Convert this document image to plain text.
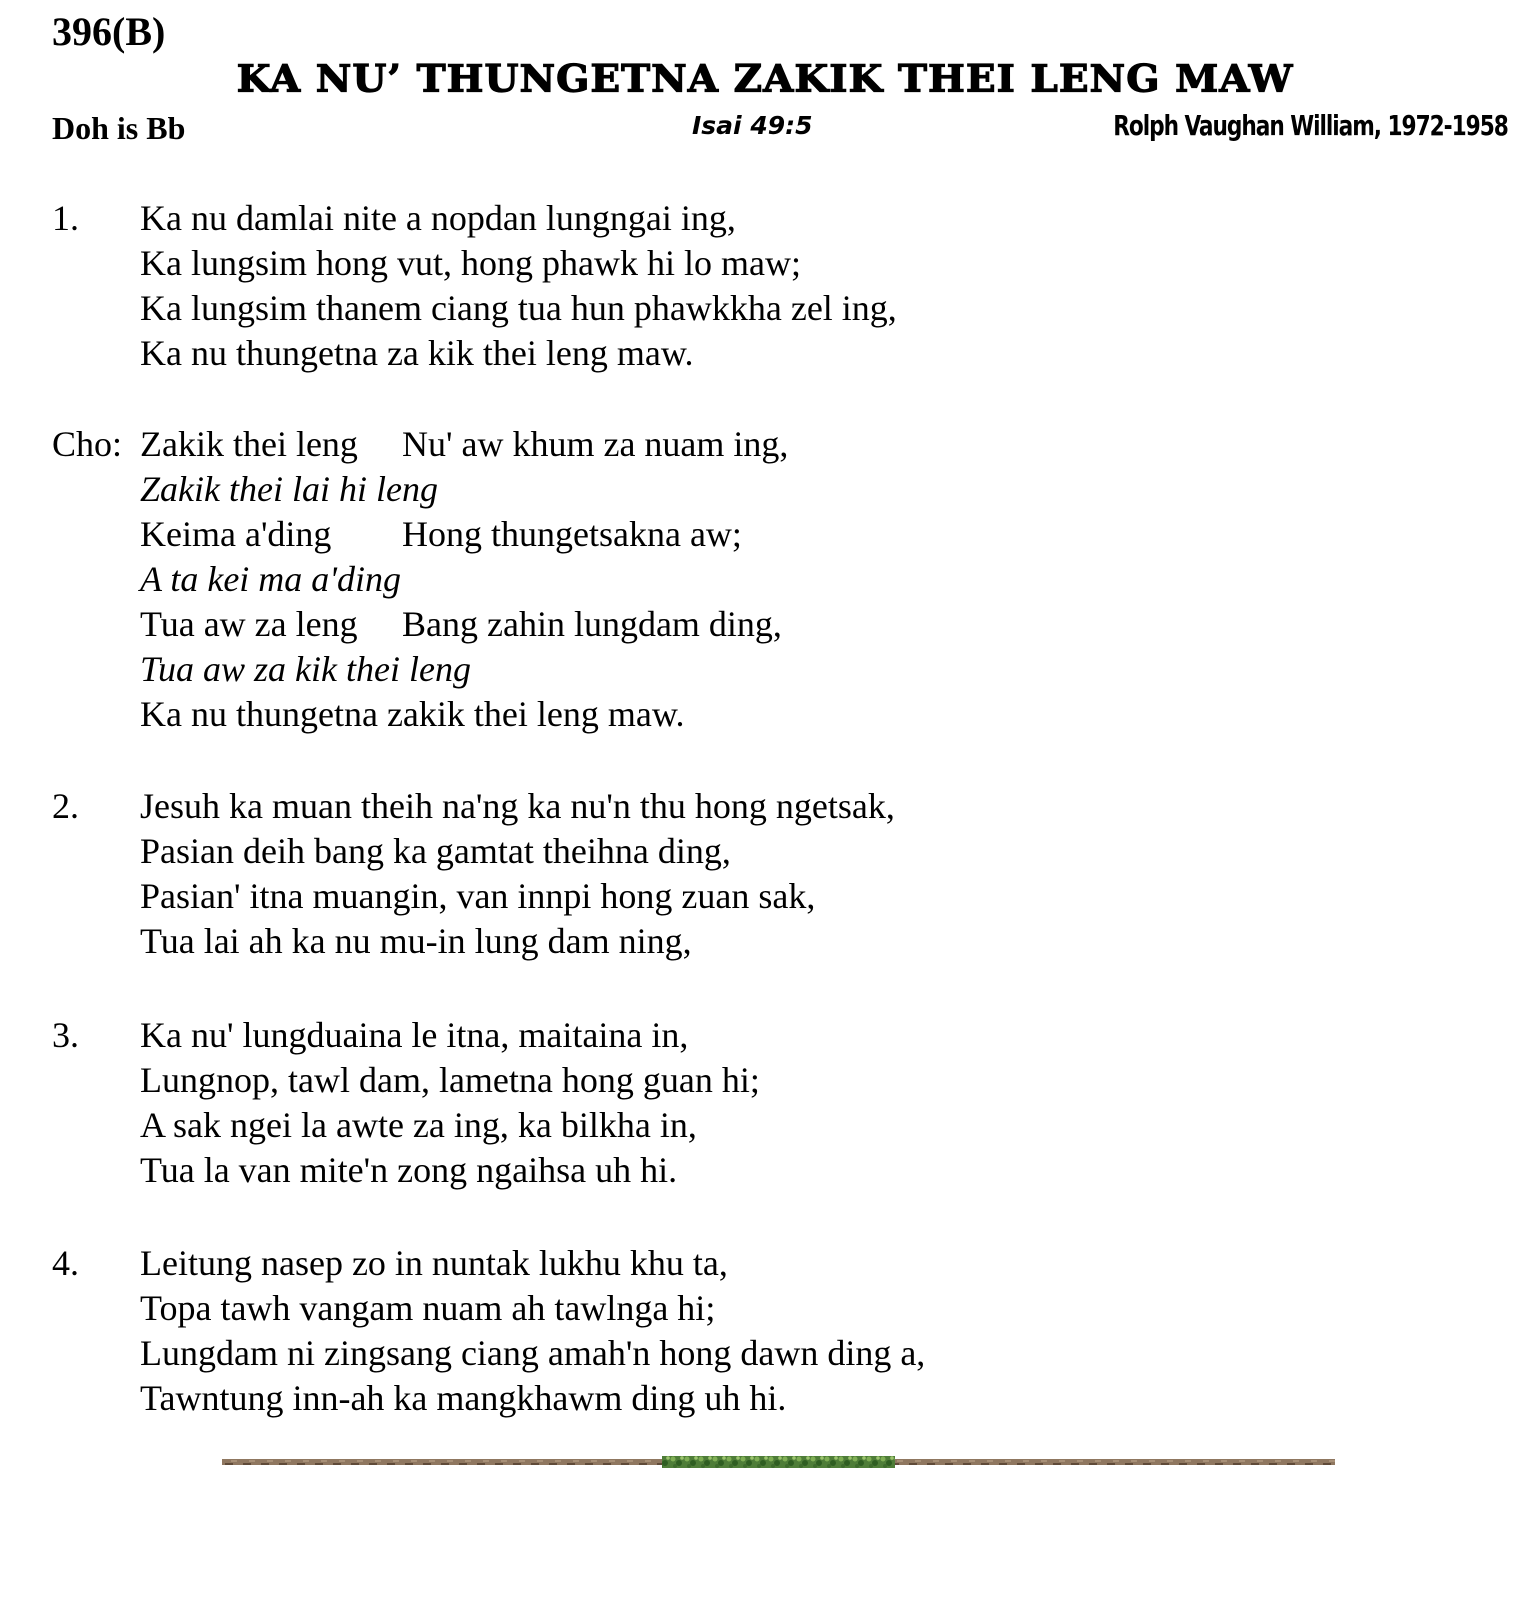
396(B)
KA NU’ THUNGETNA ZAKIK THEI LENG MAW
Doh is Bb	Isai 49:5	Rolph Vaughan William, 1972-1958
1. Ka nu damlai nite a nopdan lungngai ing,
Ka lungsim hong vut, hong phawk hi lo maw;
Ka lungsim thanem ciang tua hun phawkkha zel ing,
Ka nu thungetna za kik thei leng maw.
Cho: Zakik thei leng Nu' aw khum za nuam ing,
Zakik thei lai hi leng
Keima a'ding Hong thungetsakna aw;
A ta kei ma a'ding
Tua aw za leng Bang zahin lungdam ding,
Tua aw za kik thei leng
Ka nu thungetna zakik thei leng maw.
2. Jesuh ka muan theih na'ng ka nu'n thu hong ngetsak,
Pasian deih bang ka gamtat theihna ding,
Pasian' itna muangin, van innpi hong zuan sak,
Tua lai ah ka nu mu-in lung dam ning,
3. Ka nu' lungduaina le itna, maitaina in,
Lungnop, tawl dam, lametna hong guan hi;
A sak ngei la awte za ing, ka bilkha in,
Tua la van mite'n zong ngaihsa uh hi.
4. Leitung nasep zo in nuntak lukhu khu ta,
Topa tawh vangam nuam ah tawlnga hi;
Lungdam ni zingsang ciang amah'n hong dawn ding a,
Tawntung inn-ah ka mangkhawm ding uh hi.
